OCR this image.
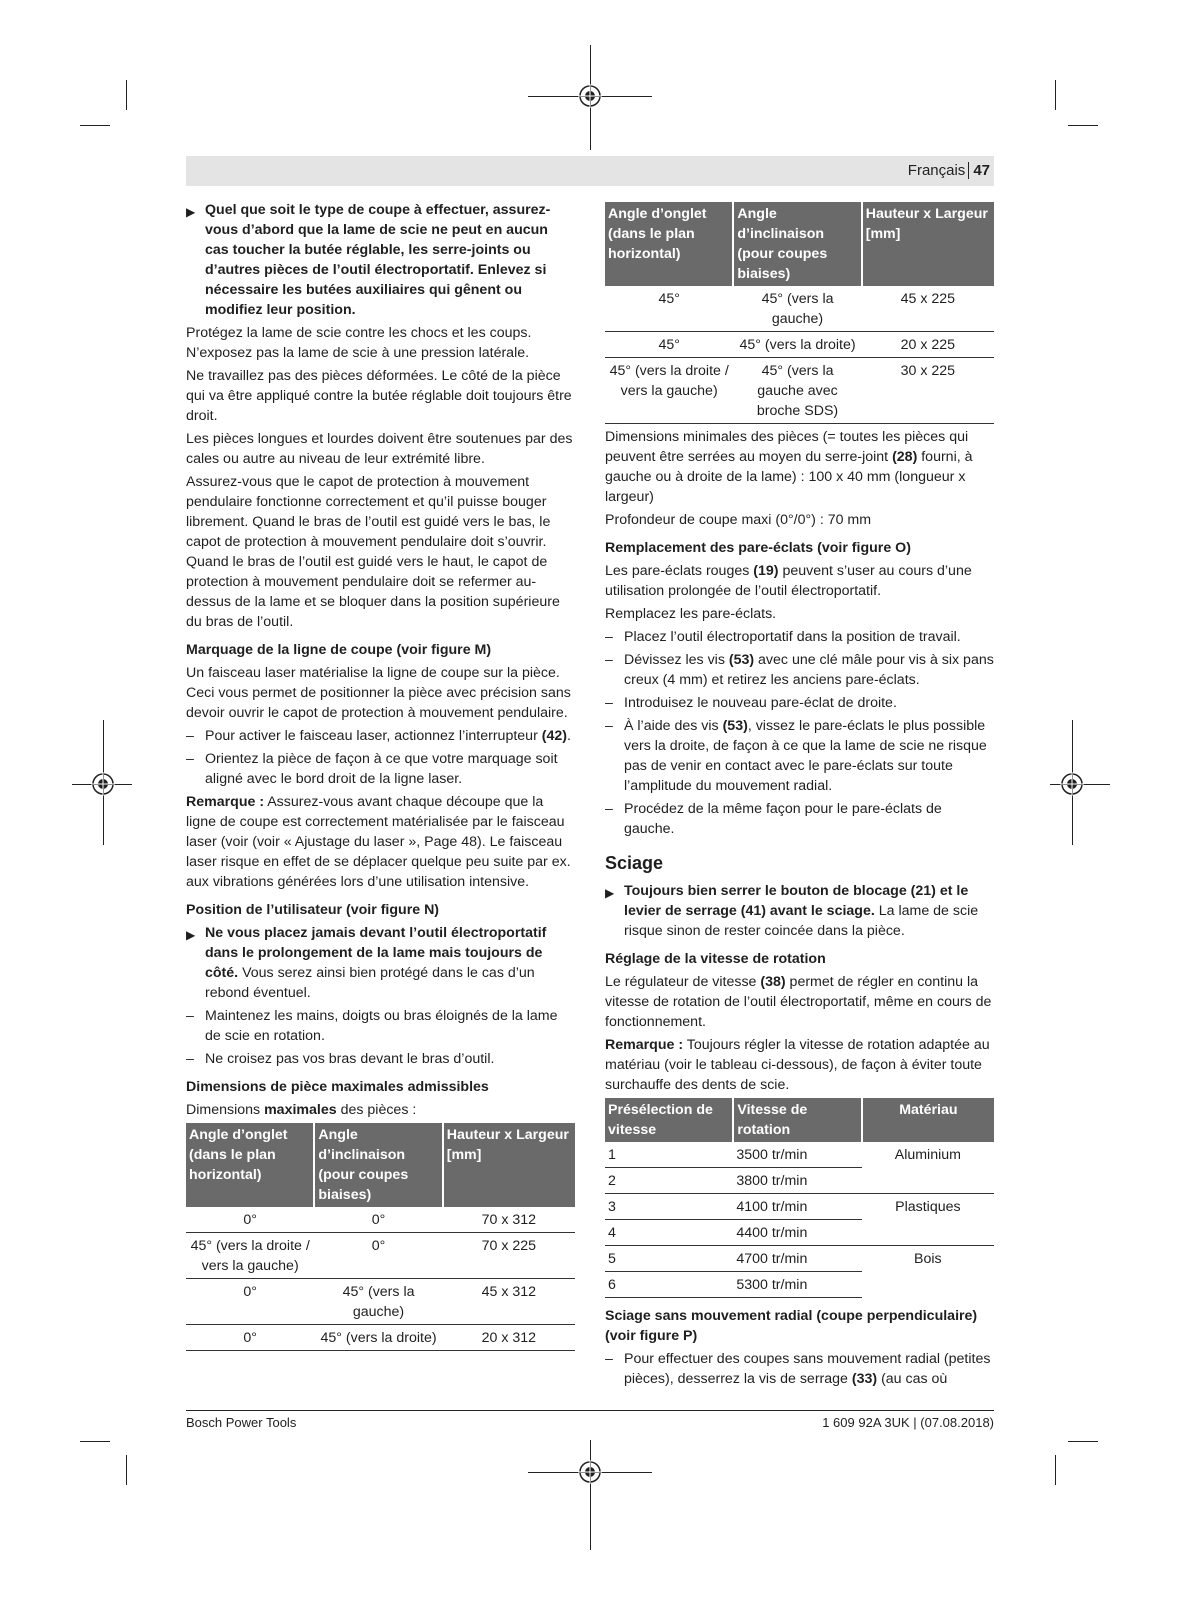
Français 47
▶ Quel que soit le type de coupe à effectuer, assurez-vous d’abord que la lame de scie ne peut en aucun cas toucher la butée réglable, les serre-joints ou d’autres pièces de l’outil électroportatif. Enlevez si nécessaire les butées auxiliaires qui gênent ou modifiez leur position.

Protégez la lame de scie contre les chocs et les coups. N’exposez pas la lame de scie à une pression latérale.

Ne travaillez pas des pièces déformées. Le côté de la pièce qui va être appliqué contre la butée réglable doit toujours être droit.

Les pièces longues et lourdes doivent être soutenues par des cales ou autre au niveau de leur extrémité libre.

Assurez-vous que le capot de protection à mouvement pendulaire fonctionne correctement et qu’il puisse bouger librement. Quand le bras de l’outil est guidé vers le bas, le capot de protection à mouvement pendulaire doit s’ouvrir. Quand le bras de l’outil est guidé vers le haut, le capot de protection à mouvement pendulaire doit se refermer au-dessus de la lame et se bloquer dans la position supérieure du bras de l’outil.

Marquage de la ligne de coupe (voir figure M)

Un faisceau laser matérialise la ligne de coupe sur la pièce. Ceci vous permet de positionner la pièce avec précision sans devoir ouvrir le capot de protection à mouvement pendulaire.

– Pour activer le faisceau laser, actionnez l’interrupteur (42).
– Orientez la pièce de façon à ce que votre marquage soit aligné avec le bord droit de la ligne laser.

Remarque : Assurez-vous avant chaque découpe que la ligne de coupe est correctement matérialisée par le faisceau laser (voir (voir « Ajustage du laser », Page 48). Le faisceau laser risque en effet de se déplacer quelque peu suite par ex. aux vibrations générées lors d’une utilisation intensive.

Position de l’utilisateur (voir figure N)
▶ Ne vous placez jamais devant l’outil électroportatif dans le prolongement de la lame mais toujours de côté. Vous serez ainsi bien protégé dans le cas d’un rebond éventuel.
– Maintenez les mains, doigts ou bras éloignés de la lame de scie en rotation.
– Ne croisez pas vos bras devant le bras d’outil.
Dimensions de pièce maximales admissibles

Dimensions maximales des pièces :

Angle d’onglet (dans le plan horizontal)	Angle d’inclinaison (pour coupes biaises)	Hauteur x Largeur [mm]
0°	0°	70 x 312
45° (vers la droite / vers la gauche)	0°	70 x 225
0°	45° (vers la gauche)	45 x 312
0°	45° (vers la droite)	20 x 312
Angle d’onglet (dans le plan horizontal)	Angle d’inclinaison (pour coupes biaises)	Hauteur x Largeur [mm]
45°	45° (vers la gauche)	45 x 225
45°	45° (vers la droite)	20 x 225
45° (vers la droite / vers la gauche)	45° (vers la gauche avec broche SDS)	30 x 225

Dimensions minimales des pièces (= toutes les pièces qui peuvent être serrées au moyen du serre-joint (28) fourni, à gauche ou à droite de la lame) : 100 x 40 mm (longueur x largeur)

Profondeur de coupe maxi (0°/0°) : 70 mm

Remplacement des pare-éclats (voir figure O)

Les pare-éclats rouges (19) peuvent s’user au cours d’une utilisation prolongée de l’outil électroportatif.

Remplacez les pare-éclats.

– Placez l’outil électroportatif dans la position de travail.
– Dévissez les vis (53) avec une clé mâle pour vis à six pans creux (4 mm) et retirez les anciens pare-éclats.
– Introduisez le nouveau pare-éclat de droite.
– À l’aide des vis (53), vissez le pare-éclats le plus possible vers la droite, de façon à ce que la lame de scie ne risque pas de venir en contact avec le pare-éclats sur toute l’amplitude du mouvement radial.
– Procédez de la même façon pour le pare-éclats de gauche.
Sciage
▶ Toujours bien serrer le bouton de blocage (21) et le levier de serrage (41) avant le sciage. La lame de scie risque sinon de rester coincée dans la pièce.
Réglage de la vitesse de rotation

Le régulateur de vitesse (38) permet de régler en continu la vitesse de rotation de l’outil électroportatif, même en cours de fonctionnement.

Remarque : Toujours régler la vitesse de rotation adaptée au matériau (voir le tableau ci-dessous), de façon à éviter toute surchauffe des dents de scie.

Présélection de vitesse	Vitesse de rotation	Matériau
1	3500 tr/min	Aluminium
2	3800 tr/min	
3	4100 tr/min	Plastiques
4	4400 tr/min	
5	4700 tr/min	Bois
6	5300 tr/min	
Sciage sans mouvement radial (coupe perpendiculaire) (voir figure P)
– Pour effectuer des coupes sans mouvement radial (petites pièces), desserrez la vis de serrage (33) (au cas où
Bosch Power Tools	1 609 92A 3UK | (07.08.2018)
